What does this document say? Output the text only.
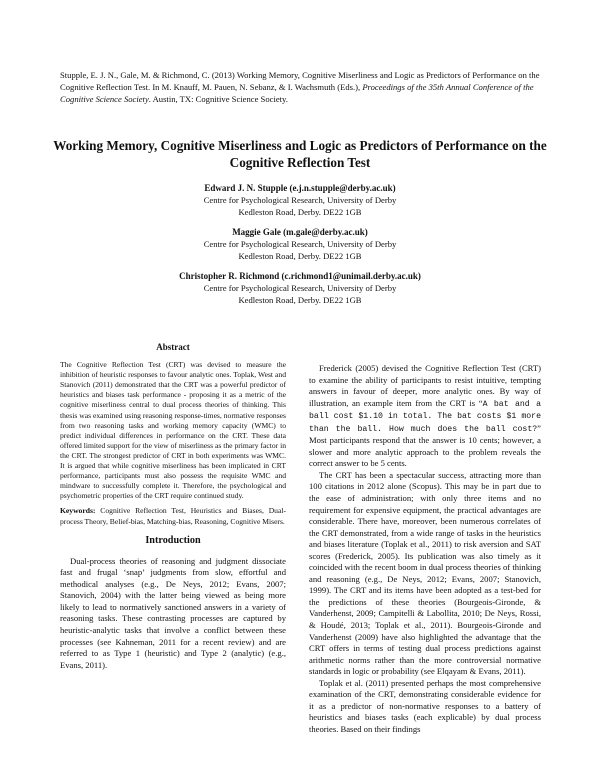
Stupple, E. J. N., Gale, M. & Richmond, C. (2013) Working Memory, Cognitive Miserliness and Logic as Predictors of Performance on the Cognitive Reflection Test. In M. Knauff, M. Pauen, N. Sebanz, & I. Wachsmuth (Eds.), Proceedings of the 35th Annual Conference of the Cognitive Science Society. Austin, TX: Cognitive Science Society.
Working Memory, Cognitive Miserliness and Logic as Predictors of Performance on the Cognitive Reflection Test
Edward J. N. Stupple (e.j.n.stupple@derby.ac.uk)
Centre for Psychological Research, University of Derby
Kedleston Road, Derby. DE22 1GB
Maggie Gale (m.gale@derby.ac.uk)
Centre for Psychological Research, University of Derby
Kedleston Road, Derby. DE22 1GB
Christopher R. Richmond (c.richmond1@unimail.derby.ac.uk)
Centre for Psychological Research, University of Derby
Kedleston Road, Derby. DE22 1GB
Abstract

The Cognitive Reflection Test (CRT) was devised to measure the inhibition of heuristic responses to favour analytic ones. Toplak, West and Stanovich (2011) demonstrated that the CRT was a powerful predictor of heuristics and biases task performance - proposing it as a metric of the cognitive miserliness central to dual process theories of thinking. This thesis was examined using reasoning response-times, normative responses from two reasoning tasks and working memory capacity (WMC) to predict individual differences in performance on the CRT. These data offered limited support for the view of miserliness as the primary factor in the CRT. The strongest predictor of CRT in both experiments was WMC. It is argued that while cognitive miserliness has been implicated in CRT performance, participants must also possess the requisite WMC and mindware to successfully complete it. Therefore, the psychological and psychometric properties of the CRT require continued study.

Keywords: Cognitive Reflection Test, Heuristics and Biases, Dual-process Theory, Belief-bias, Matching-bias, Reasoning, Cognitive Misers.

Introduction

Dual-process theories of reasoning and judgment dissociate fast and frugal ‘snap’ judgments from slow, effortful and methodical analyses (e.g., De Neys, 2012; Evans, 2007; Stanovich, 2004) with the latter being viewed as being more likely to lead to normatively sanctioned answers in a variety of reasoning tasks. These contrasting processes are captured by heuristic-analytic tasks that involve a conflict between these processes (see Kahneman, 2011 for a recent review) and are referred to as Type 1 (heuristic) and Type 2 (analytic) (e.g., Evans, 2011).

Frederick (2005) devised the Cognitive Reflection Test (CRT) to examine the ability of participants to resist intuitive, tempting answers in favour of deeper, more analytic ones. By way of illustration, an example item from the CRT is “A bat and a ball cost $1.10 in total. The bat costs $1 more than the ball. How much does the ball cost?” Most participants respond that the answer is 10 cents; however, a slower and more analytic approach to the problem reveals the correct answer to be 5 cents.

The CRT has been a spectacular success, attracting more than 100 citations in 2012 alone (Scopus). This may be in part due to the ease of administration; with only three items and no requirement for expensive equipment, the practical advantages are considerable. There have, moreover, been numerous correlates of the CRT demonstrated, from a wide range of tasks in the heuristics and biases literature (Toplak et al., 2011) to risk aversion and SAT scores (Frederick, 2005). Its publication was also timely as it coincided with the recent boom in dual process theories of thinking and reasoning (e.g., De Neys, 2012; Evans, 2007; Stanovich, 1999). The CRT and its items have been adopted as a test-bed for the predictions of these theories (Bourgeois-Gironde, & Vanderhenst, 2009; Campitelli & Labollita, 2010; De Neys, Rossi, & Houdé, 2013; Toplak et al., 2011). Bourgeois-Gironde and Vanderhenst (2009) have also highlighted the advantage that the CRT offers in terms of testing dual process predictions against arithmetic norms rather than the more controversial normative standards in logic or probability (see Elqayam & Evans, 2011).

Toplak et al. (2011) presented perhaps the most comprehensive examination of the CRT, demonstrating considerable evidence for it as a predictor of non-normative responses to a battery of heuristics and biases tasks (each explicable) by dual process theories. Based on their findings
